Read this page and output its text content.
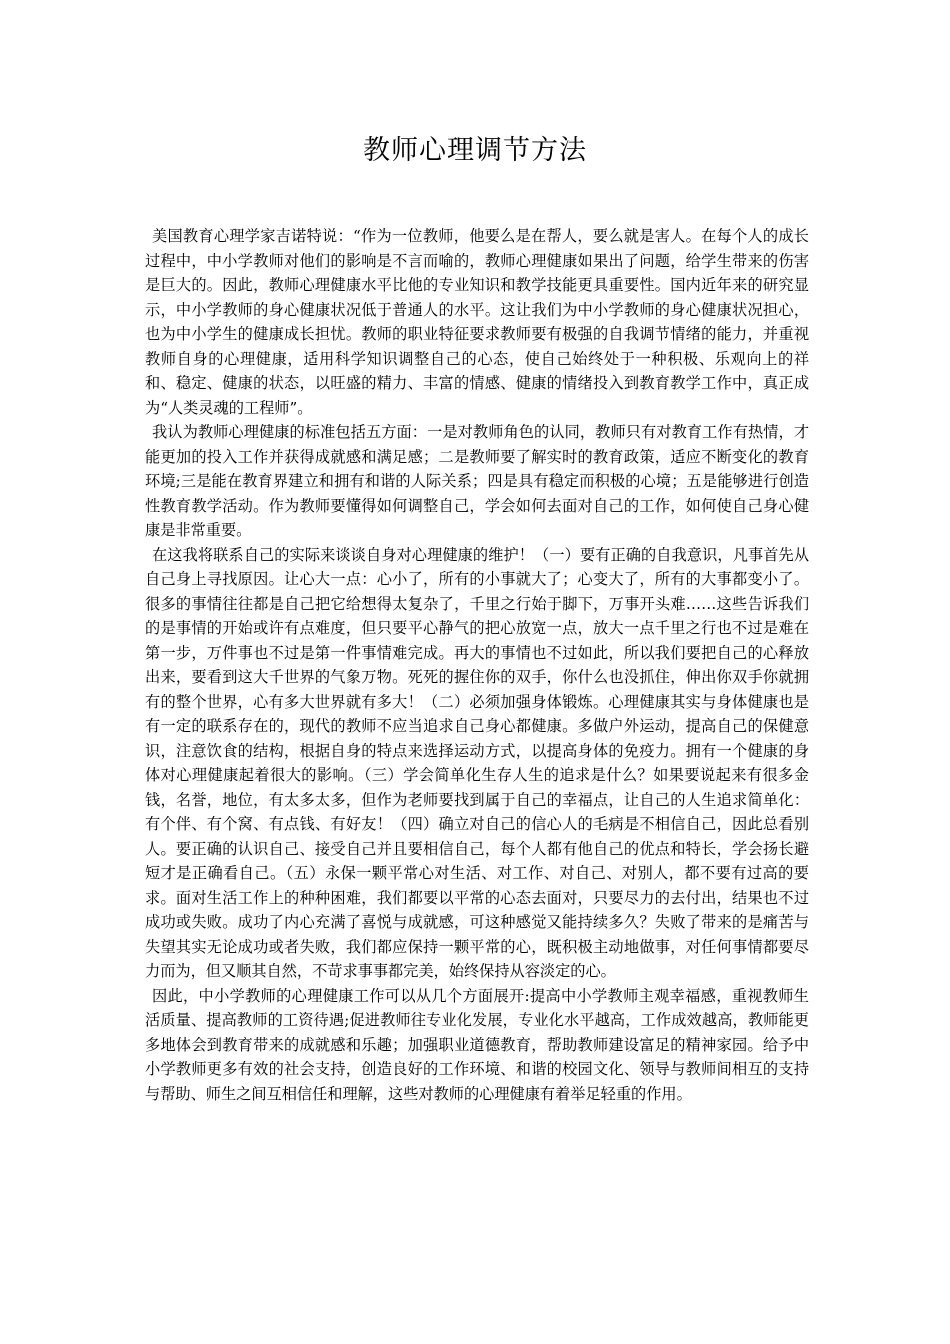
教师心理调节方法

美国教育心理学家吉诺特说：“作为一位教师，他要么是在帮人，要么就是害人。在每个人的成长过程中，中小学教师对他们的影响是不言而喻的，教师心理健康如果出了问题，给学生带来的伤害是巨大的。因此，教师心理健康水平比他的专业知识和教学技能更具重要性。国内近年来的研究显示，中小学教师的身心健康状况低于普通人的水平。这让我们为中小学教师的身心健康状况担心，也为中小学生的健康成长担忧。教师的职业特征要求教师要有极强的自我调节情绪的能力，并重视教师自身的心理健康，适用科学知识调整自己的心态，使自己始终处于一种积极、乐观向上的祥和、稳定、健康的状态，以旺盛的精力、丰富的情感、健康的情绪投入到教育教学工作中，真正成为“人类灵魂的工程师”。

我认为教师心理健康的标准包括五方面：一是对教师角色的认同，教师只有对教育工作有热情，才能更加的投入工作并获得成就感和满足感；二是教师要了解实时的教育政策，适应不断变化的教育环境;三是能在教育界建立和拥有和谐的人际关系；四是具有稳定而积极的心境；五是能够进行创造性教育教学活动。作为教师要懂得如何调整自己，学会如何去面对自己的工作，如何使自己身心健康是非常重要。

在这我将联系自己的实际来谈谈自身对心理健康的维护！（一）要有正确的自我意识，凡事首先从自己身上寻找原因。让心大一点：心小了，所有的小事就大了；心变大了，所有的大事都变小了。很多的事情往往都是自己把它给想得太复杂了，千里之行始于脚下，万事开头难……这些告诉我们的是事情的开始或许有点难度，但只要平心静气的把心放宽一点，放大一点千里之行也不过是难在第一步，万件事也不过是第一件事情难完成。再大的事情也不过如此，所以我们要把自己的心释放出来，要看到这大千世界的气象万物。死死的握住你的双手，你什么也没抓住，伸出你双手你就拥有的整个世界，心有多大世界就有多大！（二）必须加强身体锻炼。心理健康其实与身体健康也是有一定的联系存在的，现代的教师不应当追求自己身心都健康。多做户外运动，提高自己的保健意识，注意饮食的结构，根据自身的特点来选择运动方式，以提高身体的免疫力。拥有一个健康的身体对心理健康起着很大的影响。（三）学会简单化生存人生的追求是什么？如果要说起来有很多金钱，名誉，地位，有太多太多，但作为老师要找到属于自己的幸福点，让自己的人生追求简单化：有个伴、有个窝、有点钱、有好友！（四）确立对自己的信心人的毛病是不相信自己，因此总看别人。要正确的认识自己、接受自己并且要相信自己，每个人都有他自己的优点和特长，学会扬长避短才是正确看自己。（五）永保一颗平常心对生活、对工作、对自己、对别人，都不要有过高的要求。面对生活工作上的种种困难，我们都要以平常的心态去面对，只要尽力的去付出，结果也不过成功或失败。成功了内心充满了喜悦与成就感，可这种感觉又能持续多久？失败了带来的是痛苦与失望其实无论成功或者失败，我们都应保持一颗平常的心，既积极主动地做事，对任何事情都要尽力而为，但又顺其自然，不苛求事事都完美，始终保持从容淡定的心。

因此，中小学教师的心理健康工作可以从几个方面展开:提高中小学教师主观幸福感，重视教师生活质量、提高教师的工资待遇;促进教师往专业化发展，专业化水平越高，工作成效越高，教师能更多地体会到教育带来的成就感和乐趣；加强职业道德教育，帮助教师建设富足的精神家园。给予中小学教师更多有效的社会支持，创造良好的工作环境、和谐的校园文化、领导与教师间相互的支持与帮助、师生之间互相信任和理解，这些对教师的心理健康有着举足轻重的作用。
